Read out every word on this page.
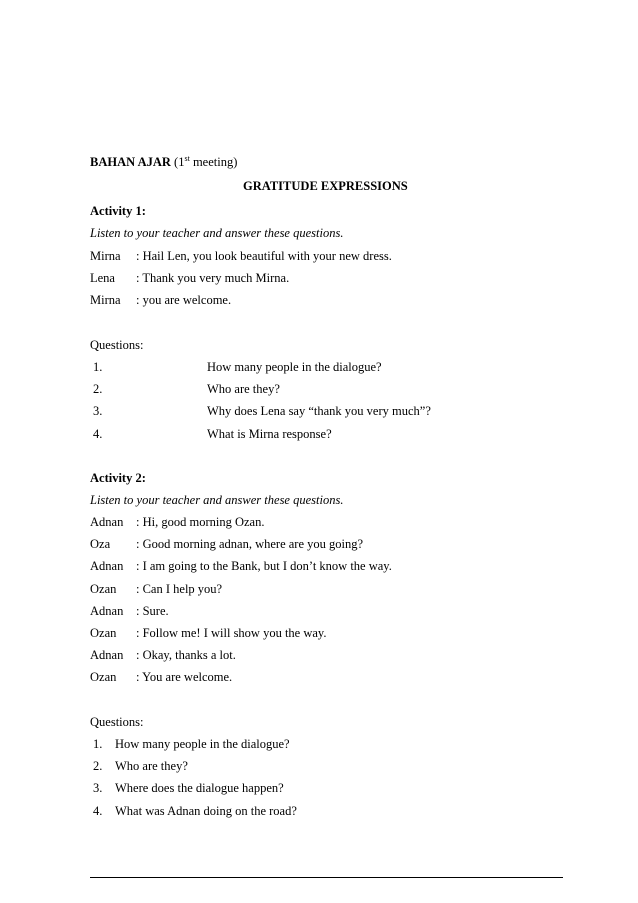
BAHAN AJAR (1st meeting)
GRATITUDE EXPRESSIONS
Activity 1:
Listen to your teacher and answer these questions.
Mirna : Hail Len, you look beautiful with your new dress.
Lena : Thank you very much Mirna.
Mirna : you are welcome.
Questions:
1.	How many people in the dialogue?
2.	Who are they?
3.	Why does Lena say “thank you very much”?
4.	What is Mirna response?
Activity 2:
Listen to your teacher and answer these questions.
Adnan : Hi, good morning Ozan.
Oza : Good morning adnan, where are you going?
Adnan : I am going to the Bank, but I don’t know the way.
Ozan : Can I help you?
Adnan : Sure.
Ozan : Follow me! I will show you the way.
Adnan : Okay, thanks a lot.
Ozan : You are welcome.
Questions:
1. How many people in the dialogue?
2. Who are they?
3. Where does the dialogue happen?
4. What was Adnan doing on the road?
